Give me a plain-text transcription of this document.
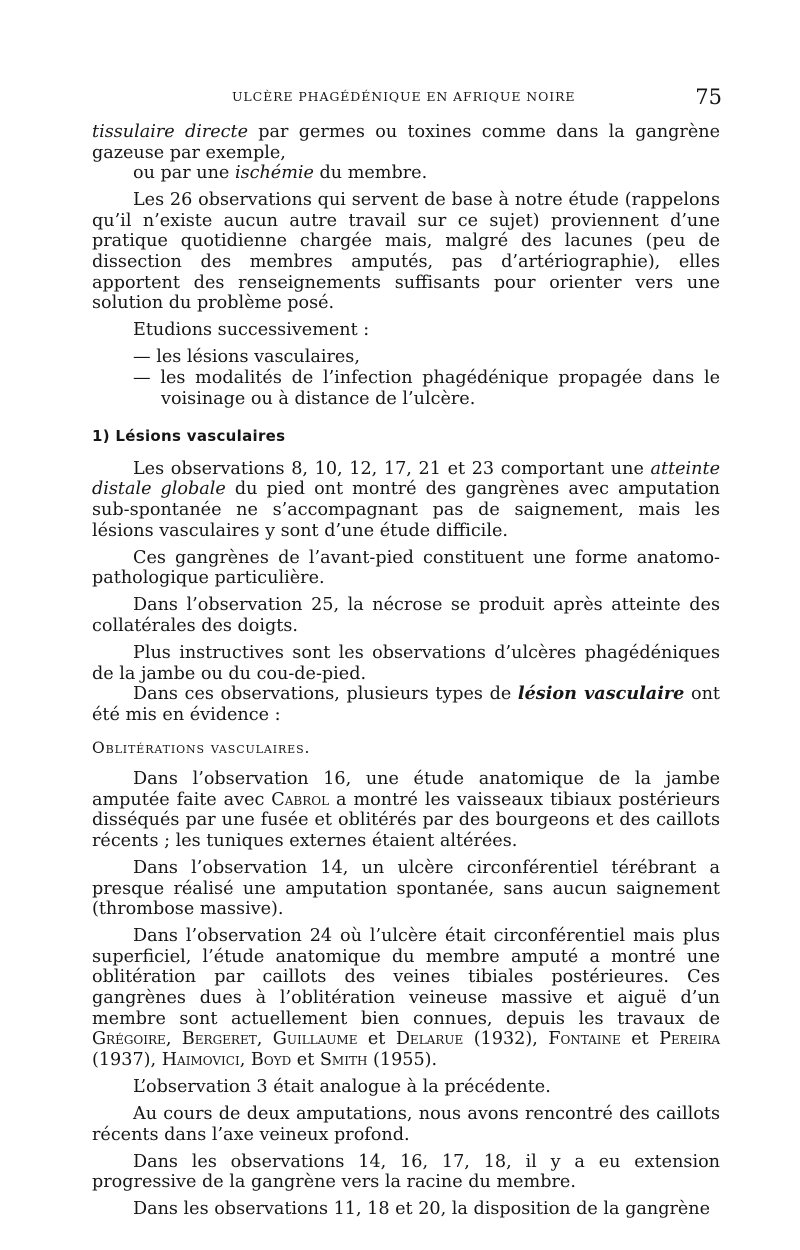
ULCÈRE PHAGÉDÉNIQUE EN AFRIQUE NOIRE	75

tissulaire directe par germes ou toxines comme dans la gangrène gazeuse par exemple,

ou par une ischémie du membre.

Les 26 observations qui servent de base à notre étude (rappelons qu’il n’existe aucun autre travail sur ce sujet) proviennent d’une pratique quotidienne chargée mais, malgré des lacunes (peu de dissection des membres amputés, pas d’artériographie), elles apportent des renseignements suffisants pour orienter vers une solution du problème posé.

Etudions successivement :

— les lésions vasculaires,

— les modalités de l’infection phagédénique propagée dans le voisinage ou à distance de l’ulcère.

1) Lésions vasculaires

Les observations 8, 10, 12, 17, 21 et 23 comportant une atteinte distale globale du pied ont montré des gangrènes avec amputation sub-spontanée ne s’accompagnant pas de saignement, mais les lésions vasculaires y sont d’une étude difficile.

Ces gangrènes de l’avant-pied constituent une forme anatomo-pathologique particulière.

Dans l’observation 25, la nécrose se produit après atteinte des collatérales des doigts.

Plus instructives sont les observations d’ulcères phagédéniques de la jambe ou du cou-de-pied.

Dans ces observations, plusieurs types de lésion vasculaire ont été mis en évidence :

Oblitérations vasculaires.

Dans l’observation 16, une étude anatomique de la jambe amputée faite avec Cabrol a montré les vaisseaux tibiaux postérieurs disséqués par une fusée et oblitérés par des bourgeons et des caillots récents ; les tuniques externes étaient altérées.

Dans l’observation 14, un ulcère circonférentiel térébrant a presque réalisé une amputation spontanée, sans aucun saignement (thrombose massive).

Dans l’observation 24 où l’ulcère était circonférentiel mais plus superficiel, l’étude anatomique du membre amputé a montré une oblitération par caillots des veines tibiales postérieures. Ces gangrènes dues à l’oblitération veineuse massive et aiguë d’un membre sont actuellement bien connues, depuis les travaux de Grégoire, Bergeret, Guillaume et Delarue (1932), Fontaine et Pereira (1937), Haimovici, Boyd et Smith (1955).

L’observation 3 était analogue à la précédente.

Au cours de deux amputations, nous avons rencontré des caillots récents dans l’axe veineux profond.

Dans les observations 14, 16, 17, 18, il y a eu extension progressive de la gangrène vers la racine du membre.

Dans les observations 11, 18 et 20, la disposition de la gangrène
